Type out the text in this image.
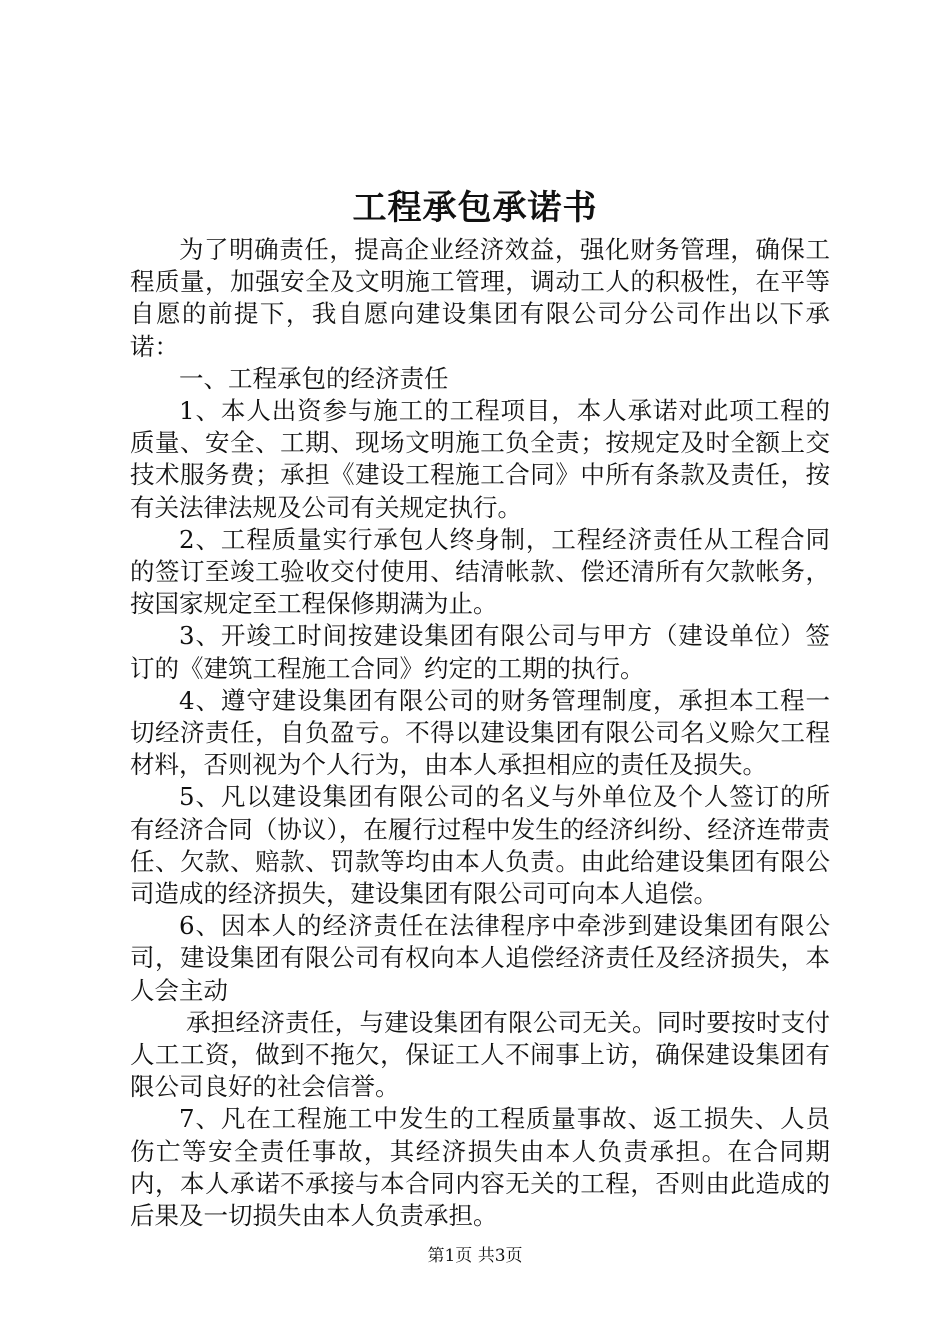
工程承包承诺书

为了明确责任，提高企业经济效益，强化财务管理，确保工程质量，加强安全及文明施工管理，调动工人的积极性，在平等自愿的前提下，我自愿向建设集团有限公司分公司作出以下承诺：

一、工程承包的经济责任

1、本人出资参与施工的工程项目，本人承诺对此项工程的质量、安全、工期、现场文明施工负全责；按规定及时全额上交技术服务费；承担《建设工程施工合同》中所有条款及责任，按有关法律法规及公司有关规定执行。

2、工程质量实行承包人终身制，工程经济责任从工程合同的签订至竣工验收交付使用、结清帐款、偿还清所有欠款帐务，按国家规定至工程保修期满为止。

3、开竣工时间按建设集团有限公司与甲方（建设单位）签订的《建筑工程施工合同》约定的工期的执行。

4、遵守建设集团有限公司的财务管理制度，承担本工程一切经济责任，自负盈亏。不得以建设集团有限公司名义赊欠工程材料，否则视为个人行为，由本人承担相应的责任及损失。

5、凡以建设集团有限公司的名义与外单位及个人签订的所有经济合同（协议），在履行过程中发生的经济纠纷、经济连带责任、欠款、赔款、罚款等均由本人负责。由此给建设集团有限公司造成的经济损失，建设集团有限公司可向本人追偿。

6、因本人的经济责任在法律程序中牵涉到建设集团有限公司，建设集团有限公司有权向本人追偿经济责任及经济损失，本人会主动

承担经济责任，与建设集团有限公司无关。同时要按时支付人工工资，做到不拖欠，保证工人不闹事上访，确保建设集团有限公司良好的社会信誉。

7、凡在工程施工中发生的工程质量事故、返工损失、人员伤亡等安全责任事故，其经济损失由本人负责承担。在合同期内，本人承诺不承接与本合同内容无关的工程，否则由此造成的后果及一切损失由本人负责承担。

第1页 共3页
